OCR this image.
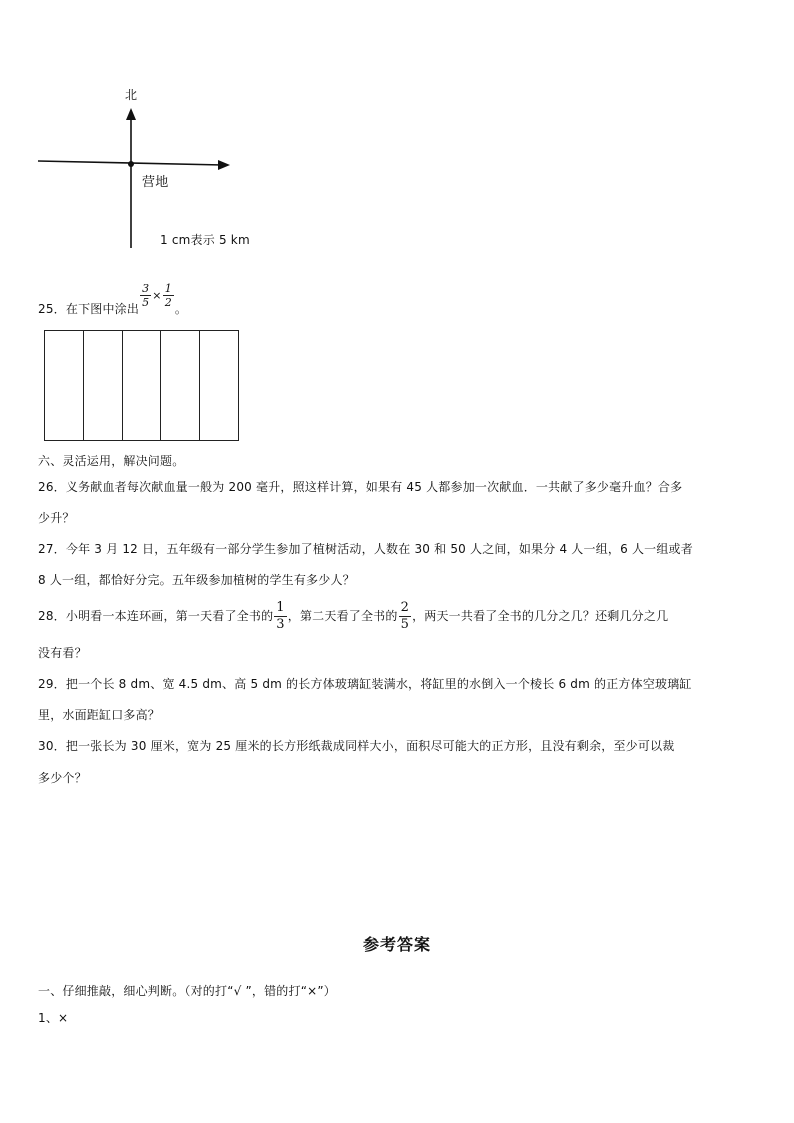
北
营地
1 cm表示 5 km
25．在下图中涂出
$\frac{3}{5} \times \frac{1}{2}$
。
六、灵活运用，解决问题。
26．义务献血者每次献血量一般为 200 毫升，照这样计算，如果有 45 人都参加一次献血．一共献了多少毫升血？合多
少升？
27．今年 3 月 12 日，五年级有一部分学生参加了植树活动，人数在 30 和 50 人之间，如果分 4 人一组，6 人一组或者
8 人一组，都恰好分完。五年级参加植树的学生有多少人？
28．小明看一本连环画，第一天看了全书的 $\frac{1}{3}$ ，第二天看了全书的 $\frac{2}{5}$ ，两天一共看了全书的几分之几？还剩几分之几
没有看？
29．把一个长 8 dm、宽 4.5 dm、高 5 dm 的长方体玻璃缸装满水，将缸里的水倒入一个棱长 6 dm 的正方体空玻璃缸
里，水面距缸口多高？
30．把一张长为 30 厘米，宽为 25 厘米的长方形纸裁成同样大小，面积尽可能大的正方形，且没有剩余，至少可以裁
多少个？
参考答案
一、仔细推敲，细心判断。（对的打“√ ”，错的打“×”）
1、×
